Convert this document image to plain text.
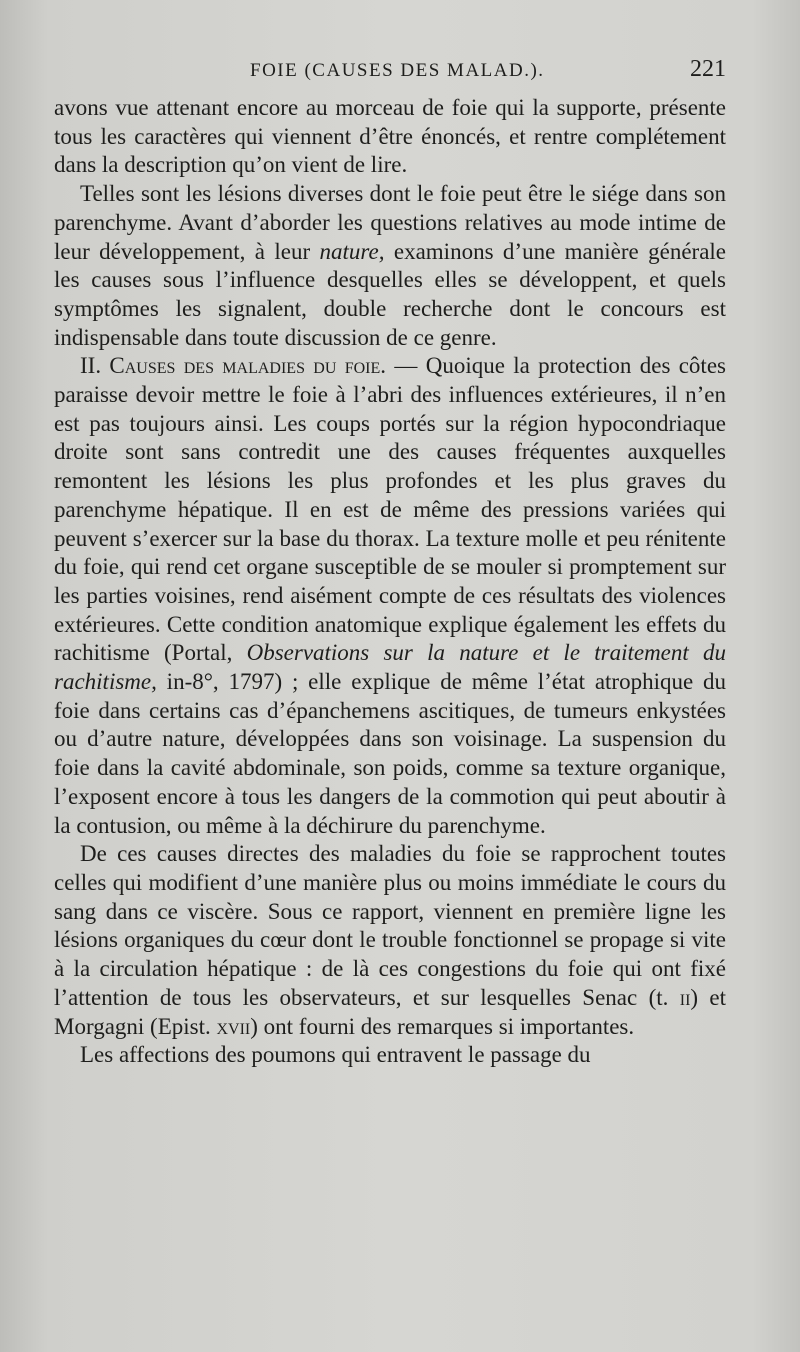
FOIE (CAUSES DES MALAD.).	221

avons vue attenant encore au morceau de foie qui la supporte, présente tous les caractères qui viennent d’être énoncés, et rentre complétement dans la description qu’on vient de lire.

Telles sont les lésions diverses dont le foie peut être le siége dans son parenchyme. Avant d’aborder les questions relatives au mode intime de leur développement, à leur nature, examinons d’une manière générale les causes sous l’influence desquelles elles se développent, et quels symptômes les signalent, double recherche dont le concours est indispensable dans toute discussion de ce genre.

II. Causes des maladies du foie. — Quoique la protection des côtes paraisse devoir mettre le foie à l’abri des influences extérieures, il n’en est pas toujours ainsi. Les coups portés sur la région hypocondriaque droite sont sans contredit une des causes fréquentes auxquelles remontent les lésions les plus profondes et les plus graves du parenchyme hépatique. Il en est de même des pressions variées qui peuvent s’exercer sur la base du thorax. La texture molle et peu rénitente du foie, qui rend cet organe susceptible de se mouler si promptement sur les parties voisines, rend aisément compte de ces résultats des violences extérieures. Cette condition anatomique explique également les effets du rachitisme (Portal, Observations sur la nature et le traitement du rachitisme, in-8°, 1797) ; elle explique de même l’état atrophique du foie dans certains cas d’épanchemens ascitiques, de tumeurs enkystées ou d’autre nature, développées dans son voisinage. La suspension du foie dans la cavité abdominale, son poids, comme sa texture organique, l’exposent encore à tous les dangers de la commotion qui peut aboutir à la contusion, ou même à la déchirure du parenchyme.

De ces causes directes des maladies du foie se rapprochent toutes celles qui modifient d’une manière plus ou moins immédiate le cours du sang dans ce viscère. Sous ce rapport, viennent en première ligne les lésions organiques du cœur dont le trouble fonctionnel se propage si vite à la circulation hépatique : de là ces congestions du foie qui ont fixé l’attention de tous les observateurs, et sur lesquelles Senac (t. ii) et Morgagni (Epist. xvii) ont fourni des remarques si importantes.

Les affections des poumons qui entravent le passage du
